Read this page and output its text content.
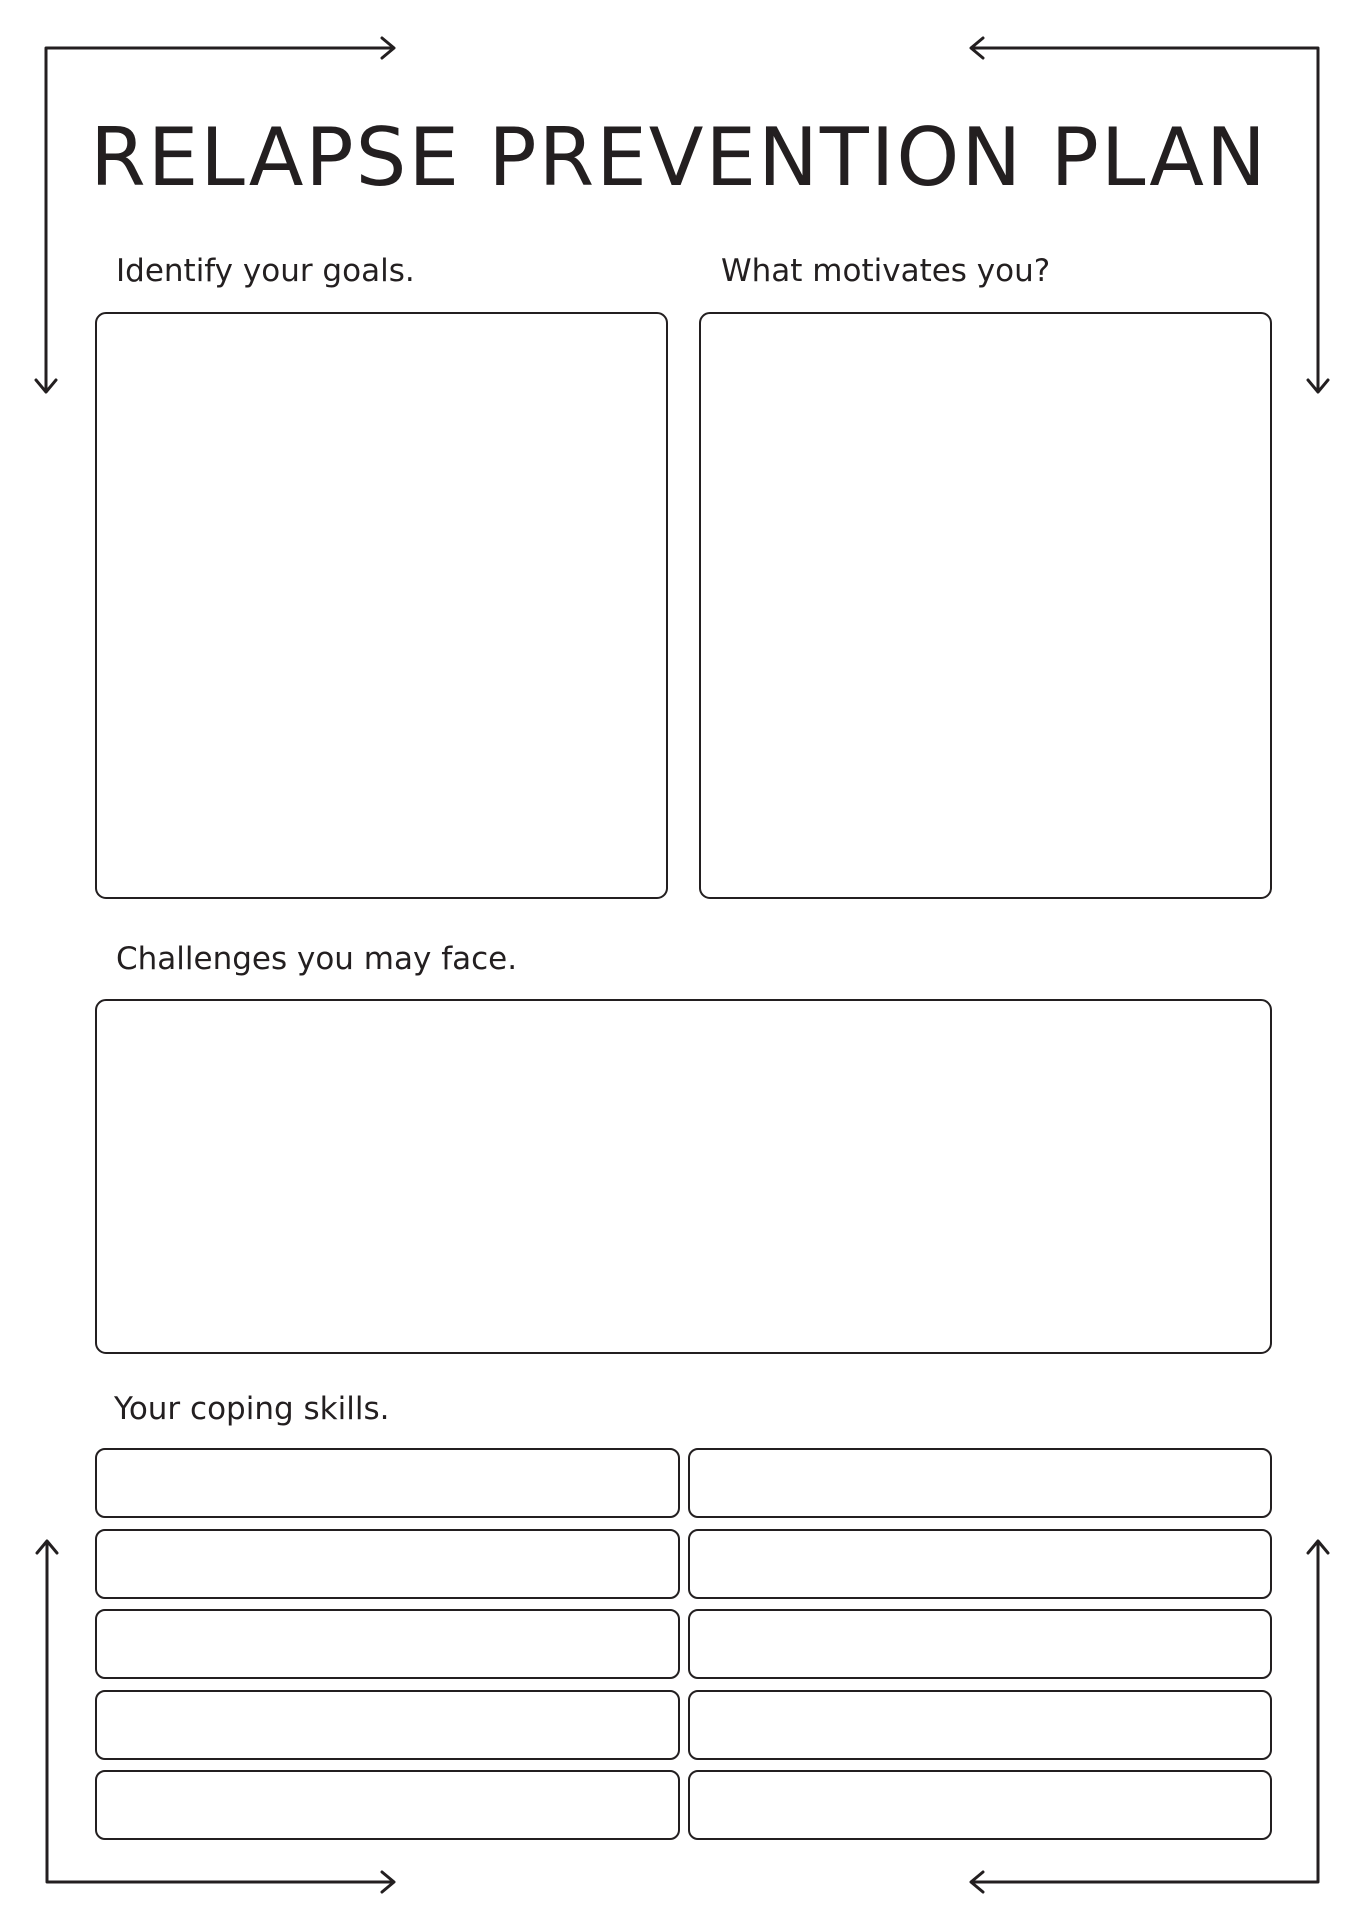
RELAPSE PREVENTION PLAN

Identify your goals.	What motivates you?

Challenges you may face.

Your coping skills.
